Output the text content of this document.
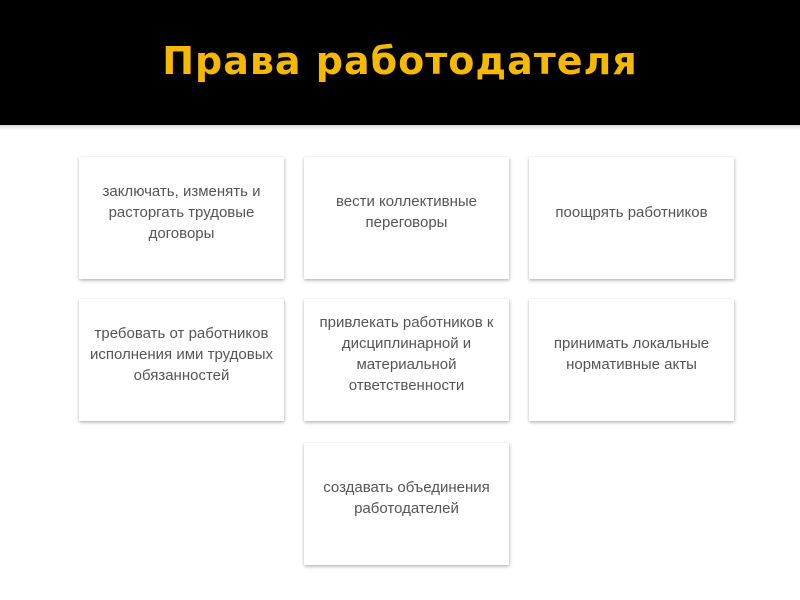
Права работодателя
заключать, изменять и расторгать трудовые договоры
вести коллективные переговоры
поощрять работников
требовать от работников исполнения ими трудовых обязанностей
привлекать работников к дисциплинарной и материальной ответственности
принимать локальные нормативные акты
создавать объединения работодателей
